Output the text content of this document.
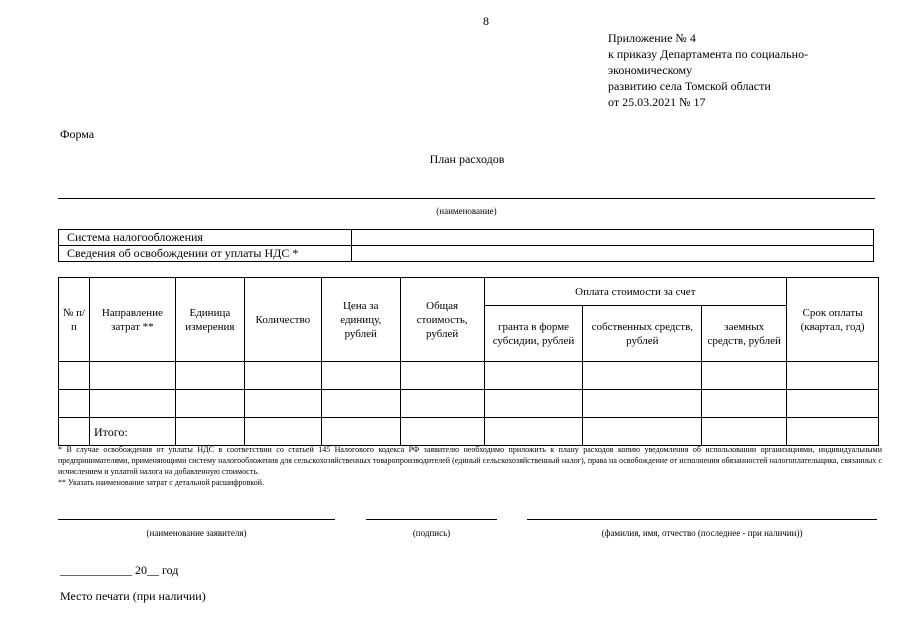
8
Приложение № 4
к приказу Департамента по социально-
экономическому
развитию села Томской области
от 25.03.2021 № 17
Форма
План расходов
(наименование)
Система налогообложения	
Сведения об освобождении от уплаты НДС *	
№ п/п	Направление затрат **	Единица измерения	Количество	Цена за единицу, рублей	Общая стоимость, рублей	Оплата стоимости за счет			Срок оплаты (квартал, год)
						гранта в форме субсидии, рублей	собственных средств, рублей	заемных средств, рублей	

	Итого:								
* В случае освобождения от уплаты НДС в соответствии со статьей 145 Налогового кодекса РФ заявителю необходимо приложить к плану расходов копию уведомления об использовании организациями, индивидуальными предпринимателями, применяющими систему налогообложения для сельскохозяйственных товаропроизводителей (единый сельскохозяйственный налог), права на освобождение от исполнения обязанностей налогоплательщика, связанных с исчислением и уплатой налога на добавленную стоимость.
** Указать наименование затрат с детальной расшифровкой.
(наименование заявителя)	(подпись)	(фамилия, имя, отчество (последнее - при наличии))
____________ 20__ год
Место печати (при наличии)
